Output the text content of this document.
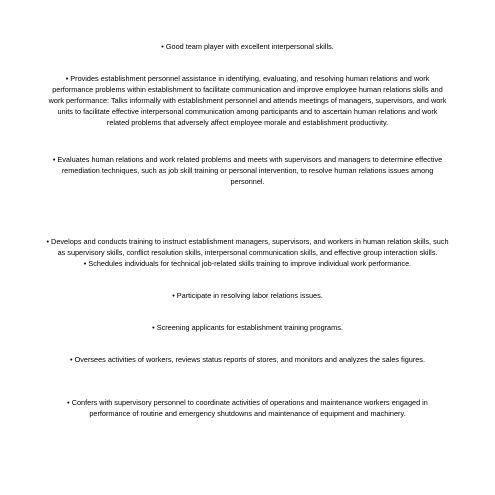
• Good team player with excellent interpersonal skills.

• Provides establishment personnel assistance in identifying, evaluating, and resolving human relations and work performance problems within establishment to facilitate communication and improve employee human relations skills and work performance: Talks informally with establishment personnel and attends meetings of managers, supervisors, and work units to facilitate effective interpersonal communication among participants and to ascertain human relations and work related problems that adversely affect employee morale and establishment productivity.

• Evaluates human relations and work related problems and meets with supervisors and managers to determine effective remediation techniques, such as job skill training or personal intervention, to resolve human relations issues among personnel.

• Develops and conducts training to instruct establishment managers, supervisors, and workers in human relation skills, such as supervisory skills, conflict resolution skills, interpersonal communication skills, and effective group interaction skills.

• Schedules individuals for technical job-related skills training to improve individual work performance.

• Participate in resolving labor relations issues.

• Screening applicants for establishment training programs.

• Oversees activities of workers, reviews status reports of stores, and monitors and analyzes the sales figures.

• Confers with supervisory personnel to coordinate activities of operations and maintenance workers engaged in performance of routine and emergency shutdowns and maintenance of equipment and machinery.
